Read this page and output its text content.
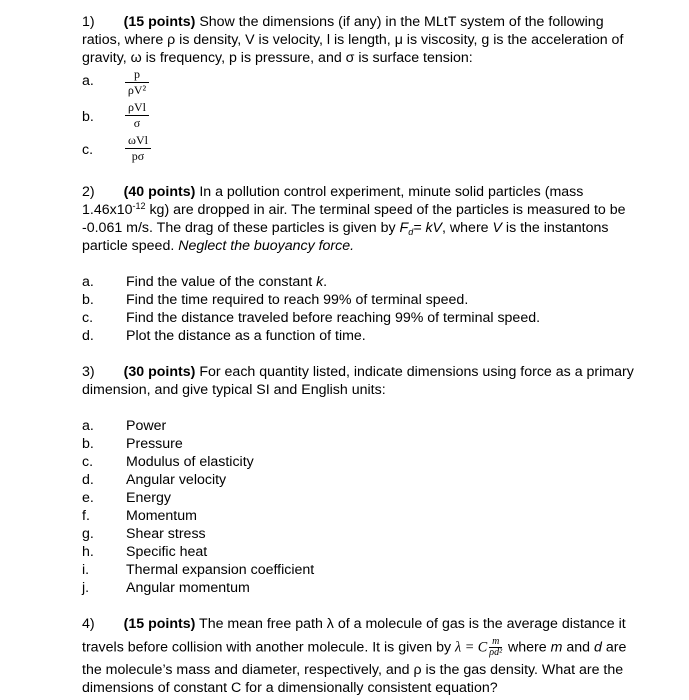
1) (15 points) Show the dimensions (if any) in the MLtT system of the following
ratios, where ρ is density, V is velocity, l is length, μ is viscosity, g is the acceleration of
gravity, ω is frequency, p is pressure, and σ is surface tension:
a.	p
ρV²
b.
ρVl
σ
c.
ωVl
pσ
2) (40 points) In a pollution control experiment, minute solid particles (mass
$1.46x10^{-12}$ kg) are dropped in air. The terminal speed of the particles is measured to be
-0.061 m/s. The drag of these particles is given by $F_d=$ kV, where V is the instantons
particle speed. Neglect the buoyancy force.
a. Find the value of the constant k.
b. Find the time required to reach 99% of terminal speed.
c. Find the distance traveled before reaching 99% of terminal speed.
d. Plot the distance as a function of time.
3) (30 points) For each quantity listed, indicate dimensions using force as a primary
dimension, and give typical SI and English units:
a. Power
b. Pressure
c. Modulus of elasticity
d. Angular velocity
e. Energy
f.	Momentum
g. Shear stress
h. Specific heat
i.	Thermal expansion coefficient
j.	Angular momentum
4) (15 points) The mean free path λ of a molecule of gas is the average distance it
travels before collision with another molecule. It is given by λ = C $\frac{m}{\text{ρd²}}$ where m and d are
the molecule’s mass and diameter, respectively, and ρ is the gas density. What are the
dimensions of constant C for a dimensionally consistent equation?
